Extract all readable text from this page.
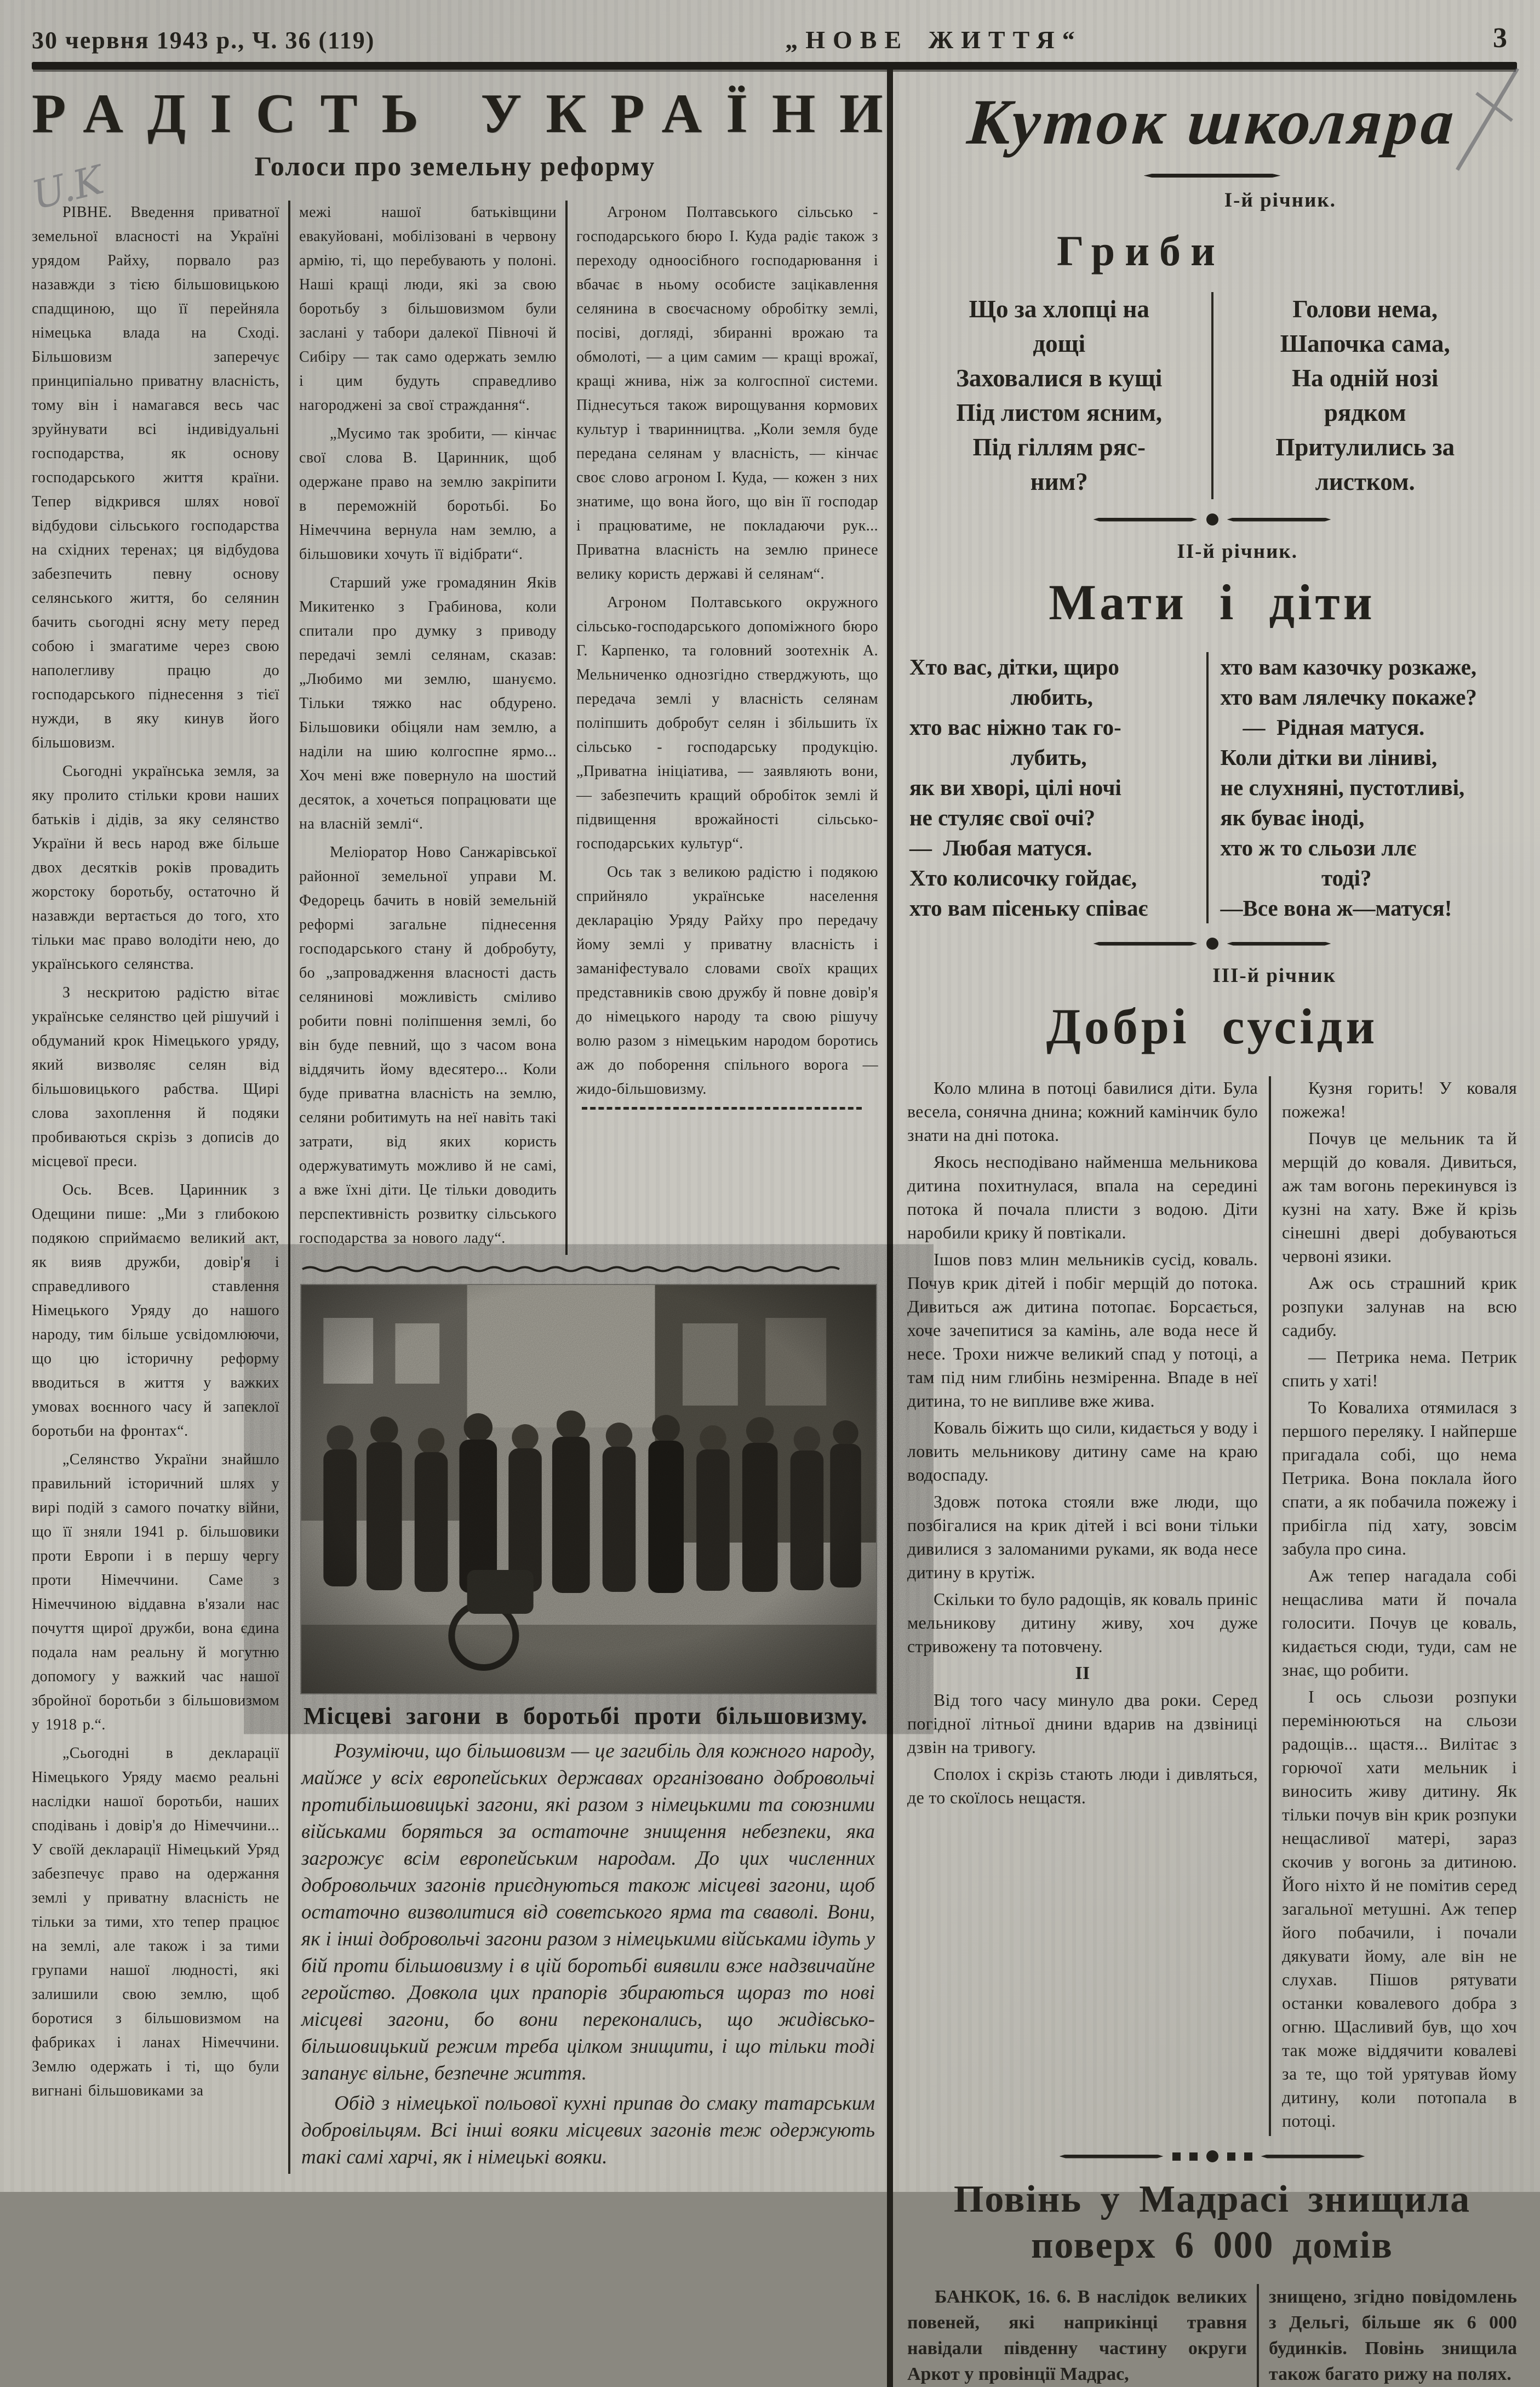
30 червня 1943 р., Ч. 36 (119)	„НОВЕ ЖИТТЯ“	3
РАДІСТЬ УКРАЇНИ
Голоси про земельну реформу

РІВНЕ. Введення приватної земельної власності на Україні урядом Райху, порвало раз назавжди з тією більшовицькою спадщиною, що її перейняла німецька влада на Сході. Більшовизм заперечує принципіально приватну власність, тому він і намагався весь час зруйнувати всі індивідуальні господарства, як основу господарського життя країни. Тепер відкрився шлях нової відбудови сільського господарства на східних теренах; ця відбудова забезпечить певну основу селянського життя, бо селянин бачить сьогодні ясну мету перед собою і змагатиме через свою наполегливу працю до господарського піднесення з тієї нужди, в яку кинув його більшовизм.

Сьогодні українська земля, за яку пролито стільки крови наших батьків і дідів, за яку селянство України й весь народ вже більше двох десятків років провадить жорстоку боротьбу, остаточно й назавжди вертається до того, хто тільки має право володіти нею, до українського селянства.

З нескритою радістю вітає українське селянство цей рішучий і обдуманий крок Німецького уряду, який визволяє селян від більшовицького рабства. Щирі слова захоплення й подяки пробиваються скрізь з дописів до місцевої преси.

Ось. Всев. Царинник з Одещини пише: „Ми з глибокою подякою сприймаємо великий акт, як вияв дружби, довір'я і справедливого ставлення Німецького Уряду до нашого народу, тим більше усвідомлюючи, що цю історичну реформу вводиться в життя у важких умовах воєнного часу й запеклої боротьби на фронтах“.

„Селянство України знайшло правильний історичний шлях у вирі подій з самого початку війни, що її зняли 1941 р. більшовики проти Европи і в першу чергу проти Німеччини. Саме з Німеччиною віддавна в'язали нас почуття щирої дружби, вона єдина подала нам реальну й могутню допомогу у важкий час нашої збройної боротьби з більшовизмом у 1918 р.“.

„Сьогодні в декларації Німецького Уряду маємо реальні наслідки нашої боротьби, наших сподівань і довір'я до Німеччини... У своїй декларації Німецький Уряд забезпечує право на одержання землі у приватну власність не тільки за тими, хто тепер працює на землі, але також і за тими групами нашої людності, які залишили свою землю, щоб боротися з більшовизмом на фабриках і ланах Німеччини. Землю одержать і ті, що були вигнані більшовиками за

межі нашої батьківщини евакуйовані, мобілізовані в червону армію, ті, що перебувають у полоні. Наші кращі люди, які за свою боротьбу з більшовизмом були заслані у табори далекої Півночі й Сибіру — так само одержать землю і цим будуть справедливо нагороджені за свої страждання“.

„Мусимо так зробити, — кінчає свої слова В. Царинник, щоб одержане право на землю закріпити в переможній боротьбі. Бо Німеччина вернула нам землю, а більшовики хочуть її відібрати“.

Старший уже громадянин Яків Микитенко з Грабинова, коли спитали про думку з приводу передачі землі селянам, сказав: „Любимо ми землю, шануємо. Тільки тяжко нас обдурено. Більшовики обіцяли нам землю, а наділи на шию колгоспне ярмо... Хоч мені вже повернуло на шостий десяток, а хочеться попрацювати ще на власній землі“.

Меліоратор Ново Санжарівської районної земельної управи М. Федорець бачить в новій земельній реформі загальне піднесення господарського стану й добробуту, бо „запровадження власності дасть селянинові можливість сміливо робити повні поліпшення землі, бо він буде певний, що з часом вона віддячить йому вдесятеро... Коли буде приватна власність на землю, селяни робитимуть на неї навіть такі затрати, від яких користь одержуватимуть можливо й не самі, а вже їхні діти. Це тільки доводить перспективність розвитку сільського господарства за нового ладу“.

Агроном Полтавського сільсько - господарського бюро І. Куда радіє також з переходу одноосібного господарювання і вбачає в ньому особисте зацікавлення селянина в своєчасному обробітку землі, посіві, догляді, збиранні врожаю та обмолоті, — а цим самим — кращі врожаї, кращі жнива, ніж за колгоспної системи. Піднесуться також вирощування кормових культур і тваринництва. „Коли земля буде передана селянам у власність, — кінчає своє слово агроном І. Куда, — кожен з них знатиме, що вона його, що він її господар і працюватиме, не покладаючи рук... Приватна власність на землю принесе велику користь державі й селянам“.

Агроном Полтавського окружного сільсько-господарського допоміжного бюро Г. Карпенко, та головний зоотехнік А. Мельниченко однозгідно стверджують, що передача землі у власність селянам поліпшить добробут селян і збільшить їх сільсько - господарську продукцію. „Приватна ініціатива, — заявляють вони, — забезпечить кращий обробіток землі й підвищення врожайності сільсько-господарських культур“.

Ось так з великою радістю і подякою сприйняло українське населення декларацію Уряду Райху про передачу йому землі у приватну власність і заманіфестувало словами своїх кращих представників свою дружбу й повне довір'я до німецького народу та свою рішучу волю разом з німецьким народом боротись аж до поборення спільного ворога — жидо-більшовизму.

Місцеві загони в боротьбі проти більшовизму.

Розуміючи, що більшовизм — це загибіль для кожного народу, майже у всіх европейських державах організовано добровольчі протибільшовицькі загони, які разом з німецькими та союзними військами боряться за остаточне знищення небезпеки, яка загрожує всім европейським народам. До цих численних добровольчих загонів приєднуються також місцеві загони, щоб остаточно визволитися від советського ярма та сваволі. Вони, як і інші добровольчі загони разом з німецькими військами ідуть у бій проти більшовизму і в цій боротьбі виявили вже надзвичайне геройство. Довкола цих прапорів збираються щораз то нові місцеві загони, бо вони переконались, що жидівсько-більшовицький режим треба цілком знищити, і що тільки тоді запанує вільне, безпечне життя.

Обід з німецької польової кухні припав до смаку татарським добровільцям. Всі інші вояки місцевих загонів теж одержують такі самі харчі, як і німецькі вояки.

Куток школяра
І-й річник.
Гриби
Що за хлопці на
дощі
Заховалися в кущі
Під листом ясним,
Під гіллям ряс-
ним?
Голови нема,
Шапочка сама,
На одній нозі
рядком
Притулились за
листком.
ІІ-й річник.
Мати і діти
Хто вас, дітки, щиро
любить,
хто вас ніжно так го-
лубить,
як ви хворі, цілі ночі
не стуляє свої очі?
—  Любая матуся.
Хто колисочку гойдає,
хто вам пісеньку співає
хто вам казочку розкаже,
хто вам лялечку покаже?
—  Рідная матуся.
Коли дітки ви ліниві,
не слухняні, пустотливі,
як буває іноді,
хто ж то сльози ллє
тоді?
—Все вона ж—матуся!
ІІІ-й річник
Добрі сусіди

Коло млина в потоці бавилися діти. Була весела, сонячна днина; кожний камінчик було знати на дні потока.

Якось несподівано найменша мельникова дитина похитнулася, впала на середині потока й почала плисти з водою. Діти наробили крику й повтікали.

Ішов повз млин мельників сусід, коваль. Почув крик дітей і побіг мерщій до потока. Дивиться аж дитина потопає. Борсається, хоче зачепитися за камінь, але вода несе й несе. Трохи нижче великий спад у потоці, а там під ним глибінь незміренна. Впаде в неї дитина, то не випливе вже жива.

Коваль біжить що сили, кидається у воду і ловить мельникову дитину саме на краю водоспаду.

Здовж потока стояли вже люди, що позбігалися на крик дітей і всі вони тільки дивилися з заломаними руками, як вода несе дитину в крутіж.

Скільки то було радощів, як коваль приніс мельникову дитину живу, хоч дуже стривожену та потовчену.

II

Від того часу минуло два роки. Серед погідної літньої днини вдарив на дзвіниці дзвін на тривогу.

Сполох і скрізь стають люди і дивляться, де то скоїлось нещастя.

Кузня горить! У коваля пожежа!

Почув це мельник та й мерщій до коваля. Дивиться, аж там вогонь перекинувся із кузні на хату. Вже й крізь сінешні двері добуваються червоні язики.

Аж ось страшний крик розпуки залунав на всю садибу.

— Петрика нема. Петрик спить у хаті!

То Ковалиха отямилася з першого переляку. І найперше пригадала собі, що нема Петрика. Вона поклала його спати, а як побачила пожежу і прибігла під хату, зовсім забула про сина.

Аж тепер нагадала собі нещаслива мати й почала голосити. Почув це коваль, кидається сюди, туди, сам не знає, що робити.

І ось сльози розпуки перемінюються на сльози радощів... щастя... Вилітає з горючої хати мельник і виносить живу дитину. Як тільки почув він крик розпуки нещасливої матері, зараз скочив у вогонь за дитиною. Його ніхто й не помітив серед загальної метушні. Аж тепер його побачили, і почали дякувати йому, але він не слухав. Пішов рятувати останки ковалевого добра з огню. Щасливий був, що хоч так може віддячити ковалеві за те, що той урятував йому дитину, коли потопала в потоці.

Повінь у Мадрасі знищила
поверх 6 000 домів

БАНКОК, 16. 6. В наслідок великих повеней, які наприкінці травня навідали південну частину округи Аркот у провінції Мадрас,

знищено, згідно повідомлень з Дельгі, більше як 6 000 будинків. Повінь знищила також багато рижу на полях.

U.K
